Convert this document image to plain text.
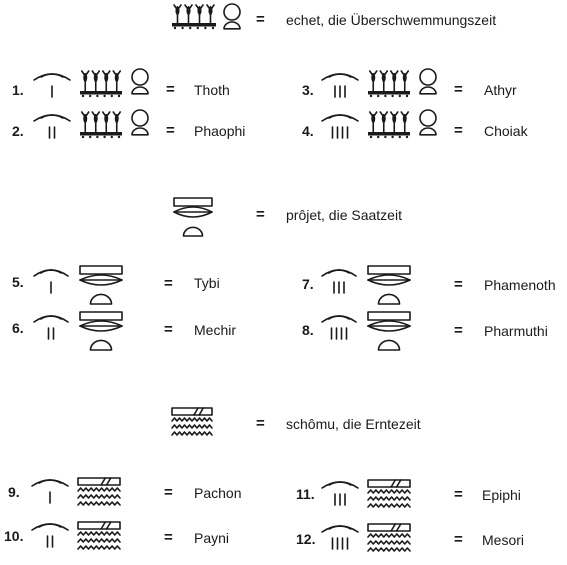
= echet, die Überschwemmungszeit
1.	= Thoth
2.	= Phaophi
3.	= Athyr
4.	= Choiak
= prôjet, die Saatzeit
5.	= Tybi
6.	= Mechir
7.	= Phamenoth
8.	= Pharmuthi
= schômu, die Erntezeit
9.	= Pachon
10.	= Payni
11.	= Epiphi
12.	= Mesori
